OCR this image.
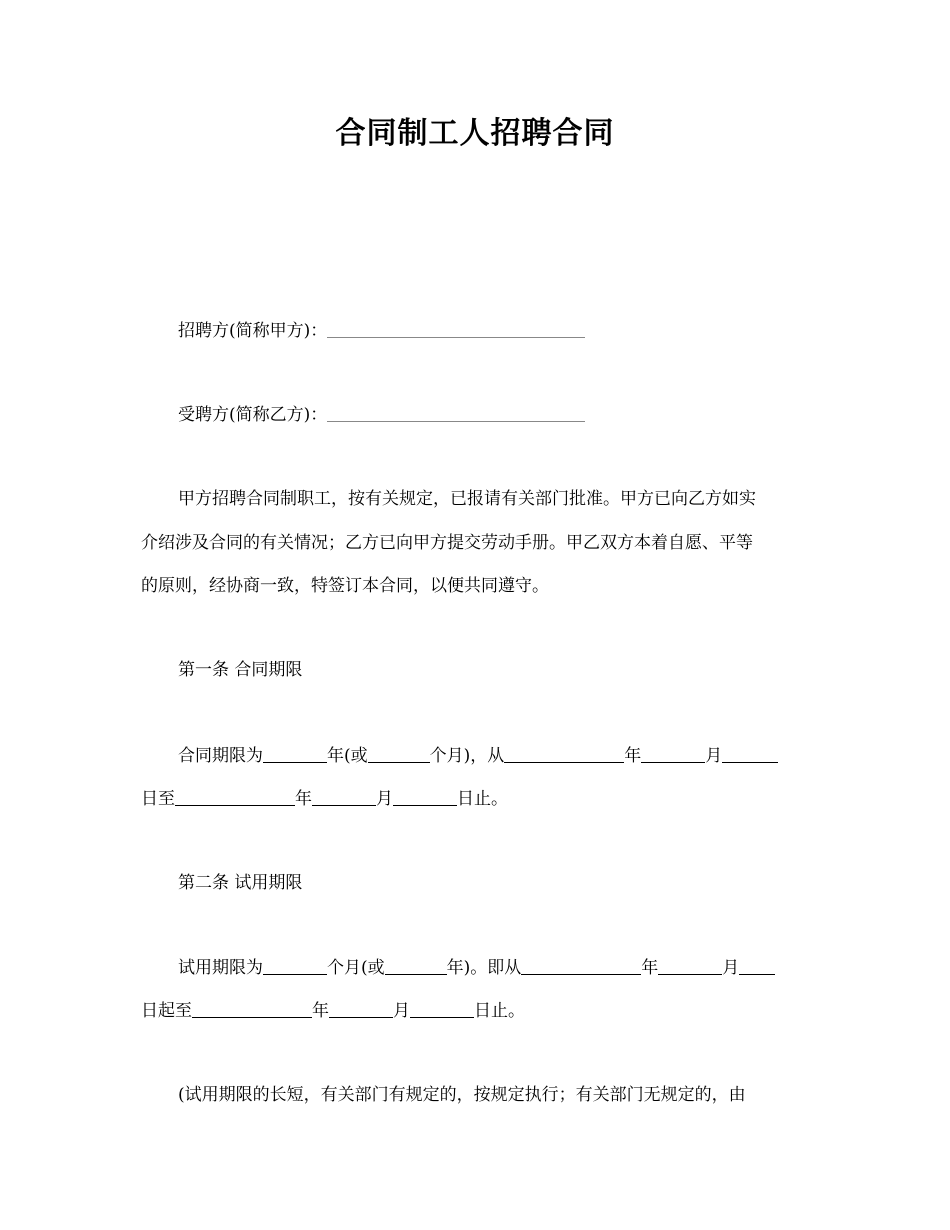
合同制工人招聘合同
招聘方(简称甲方)：
受聘方(简称乙方)：
甲方招聘合同制职工，按有关规定，已报请有关部门批准。甲方已向乙方如实
介绍涉及合同的有关情况；乙方已向甲方提交劳动手册。甲乙双方本着自愿、平等
的原则，经协商一致，特签订本合同，以便共同遵守。
第一条 合同期限
合同期限为	年(或	个月)，从	年	月
日至	年	月	日止。
第二条 试用期限
试用期限为	个月(或	年)。即从	年	月
日起至	年	月	日止。
(试用期限的长短，有关部门有规定的，按规定执行；有关部门无规定的，由
